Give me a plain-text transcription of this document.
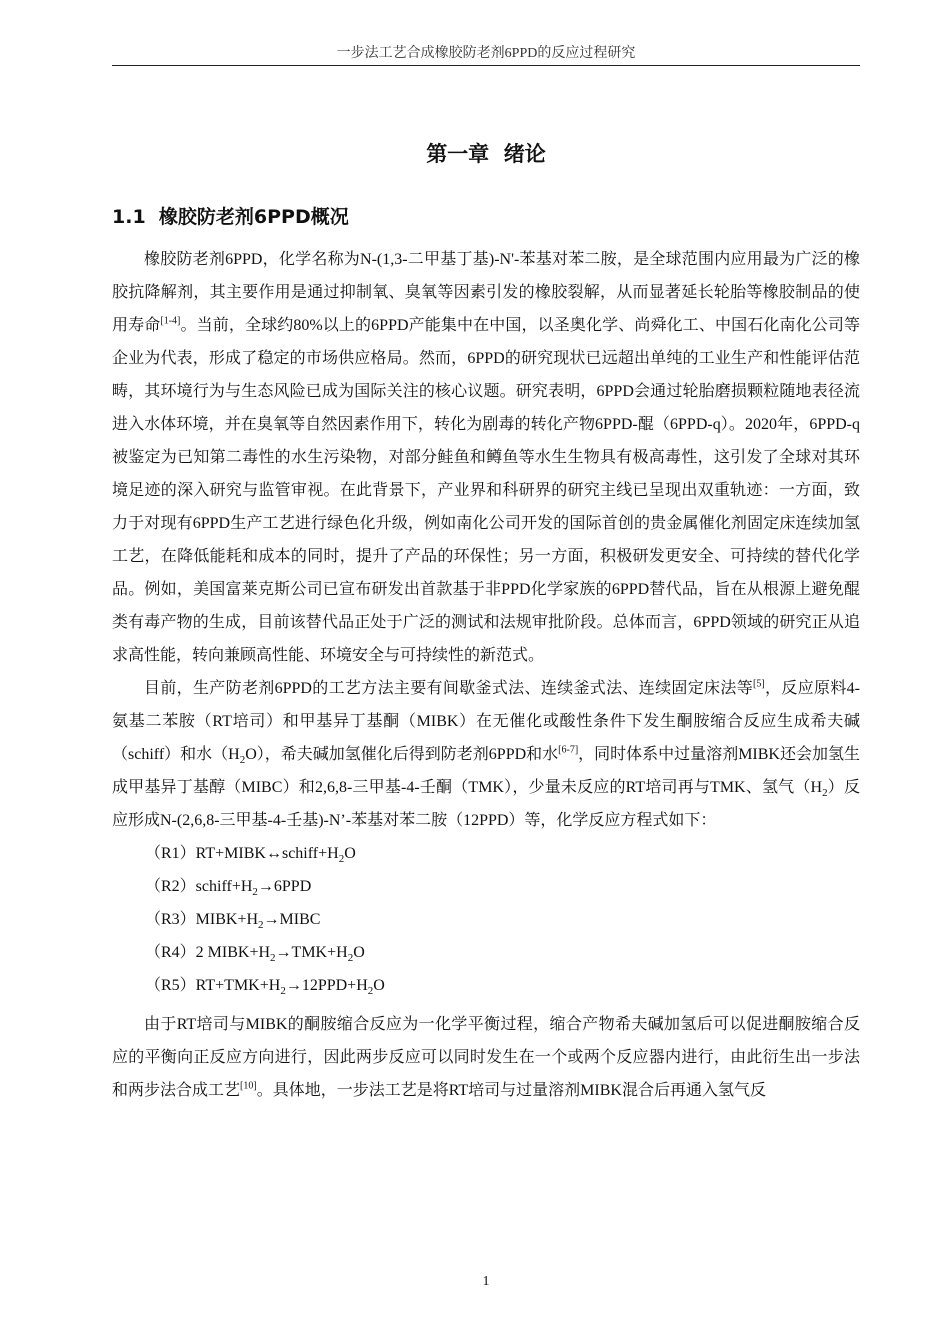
一步法工艺合成橡胶防老剂6PPD的反应过程研究
第一章  绪论
1.1  橡胶防老剂6PPD概况

橡胶防老剂6PPD，化学名称为N-(1,3-二甲基丁基)-N'-苯基对苯二胺，是全球范围内应用最为广泛的橡胶抗降解剂，其主要作用是通过抑制氧、臭氧等因素引发的橡胶裂解，从而显著延长轮胎等橡胶制品的使用寿命[1-4]。当前，全球约80%以上的6PPD产能集中在中国，以圣奥化学、尚舜化工、中国石化南化公司等企业为代表，形成了稳定的市场供应格局。然而，6PPD的研究现状已远超出单纯的工业生产和性能评估范畴，其环境行为与生态风险已成为国际关注的核心议题。研究表明，6PPD会通过轮胎磨损颗粒随地表径流进入水体环境，并在臭氧等自然因素作用下，转化为剧毒的转化产物6PPD-醌（6PPD-q）。2020年，6PPD-q被鉴定为已知第二毒性的水生污染物，对部分鲑鱼和鳟鱼等水生生物具有极高毒性，这引发了全球对其环境足迹的深入研究与监管审视。在此背景下，产业界和科研界的研究主线已呈现出双重轨迹：一方面，致力于对现有6PPD生产工艺进行绿色化升级，例如南化公司开发的国际首创的贵金属催化剂固定床连续加氢工艺，在降低能耗和成本的同时，提升了产品的环保性；另一方面，积极研发更安全、可持续的替代化学品。例如，美国富莱克斯公司已宣布研发出首款基于非PPD化学家族的6PPD替代品，旨在从根源上避免醌类有毒产物的生成，目前该替代品正处于广泛的测试和法规审批阶段。总体而言，6PPD领域的研究正从追求高性能，转向兼顾高性能、环境安全与可持续性的新范式。

目前，生产防老剂6PPD的工艺方法主要有间歇釜式法、连续釜式法、连续固定床法等[5]，反应原料4-氨基二苯胺（RT培司）和甲基异丁基酮（MIBK）在无催化或酸性条件下发生酮胺缩合反应生成希夫碱（schiff）和水$(H_2O)$，希夫碱加氢催化后得到防老剂6PPD和水[6-7]，同时体系中过量溶剂MIBK还会加氢生成甲基异丁基醇（MIBC）和2,6,8-三甲基-4-壬酮（TMK），少量未反应的RT培司再与TMK、氢气$(H_2)$反应形成N-(2,6,8-三甲基-4-壬基)-N’-苯基对苯二胺（12PPD）等，化学反应方程式如下：

$(R1)RT+MIBK\leftrightarrow schiff+H_2O$

$(R2)schiff+H_2\to 6PPD$

$(R3)MIBK+H_2\to MIBC$

（R4）2 $MIBK+H_2\to TMK+H_2O$

$(R5)RT+TMK+H_2\to 12PPD+H_2O$

由于RT培司与MIBK的酮胺缩合反应为一化学平衡过程，缩合产物希夫碱加氢后可以促进酮胺缩合反应的平衡向正反应方向进行，因此两步反应可以同时发生在一个或两个反应器内进行，由此衍生出一步法和两步法合成工艺[10]。具体地，一步法工艺是将RT培司与过量溶剂MIBK混合后再通入氢气反

1
